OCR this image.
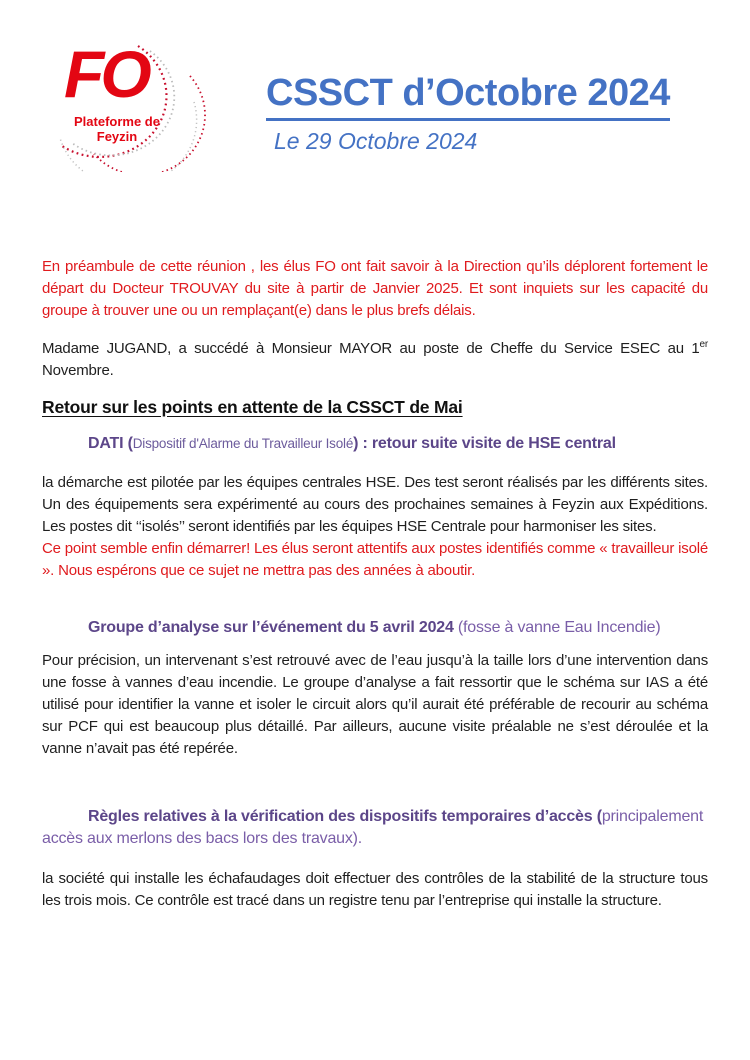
FO
Plateforme de
Feyzin
CSSCT d’Octobre 2024
Le 29 Octobre 2024

En préambule de cette réunion , les élus FO ont fait savoir à la Direction qu’ils déplorent fortement le départ du Docteur TROUVAY du site à partir de Janvier 2025. Et sont inquiets sur les capacité du groupe à trouver une ou un remplaçant(e) dans le plus brefs délais.

Madame JUGAND, a succédé à Monsieur MAYOR au poste de Cheffe du Service ESEC au 1er Novembre.

Retour sur les points en attente de la CSSCT de Mai
DATI (Dispositif d'Alarme du Travailleur Isolé) : retour suite visite de HSE central

la démarche est pilotée par les équipes centrales HSE. Des test seront réalisés par les différents sites. Un des équipements sera expérimenté au cours des prochaines semaines à Feyzin aux Expéditions. Les postes dit ‘‘isolés’’ seront identifiés par les équipes HSE Centrale pour harmoniser les sites.

Ce point semble enfin démarrer! Les élus seront attentifs aux postes identifiés comme « travailleur isolé ». Nous espérons que ce sujet ne mettra pas des années à aboutir.

Groupe d’analyse sur l’événement du 5 avril 2024 (fosse à vanne Eau Incendie)

Pour précision, un intervenant s’est retrouvé avec de l’eau jusqu’à la taille lors d’une intervention dans une fosse à vannes d’eau incendie. Le groupe d’analyse a fait ressortir que le schéma sur IAS a été utilisé pour identifier la vanne et isoler le circuit alors qu’il aurait été préférable de recourir au schéma sur PCF qui est beaucoup plus détaillé. Par ailleurs, aucune visite préalable ne s’est déroulée et la vanne n’avait pas été repérée.

Règles relatives à la vérification des dispositifs temporaires d’accès (principalement accès aux merlons des bacs lors des travaux).

la société qui installe les échafaudages doit effectuer des contrôles de la stabilité de la structure tous les trois mois. Ce contrôle est tracé dans un registre tenu par l’entreprise qui installe la structure.
